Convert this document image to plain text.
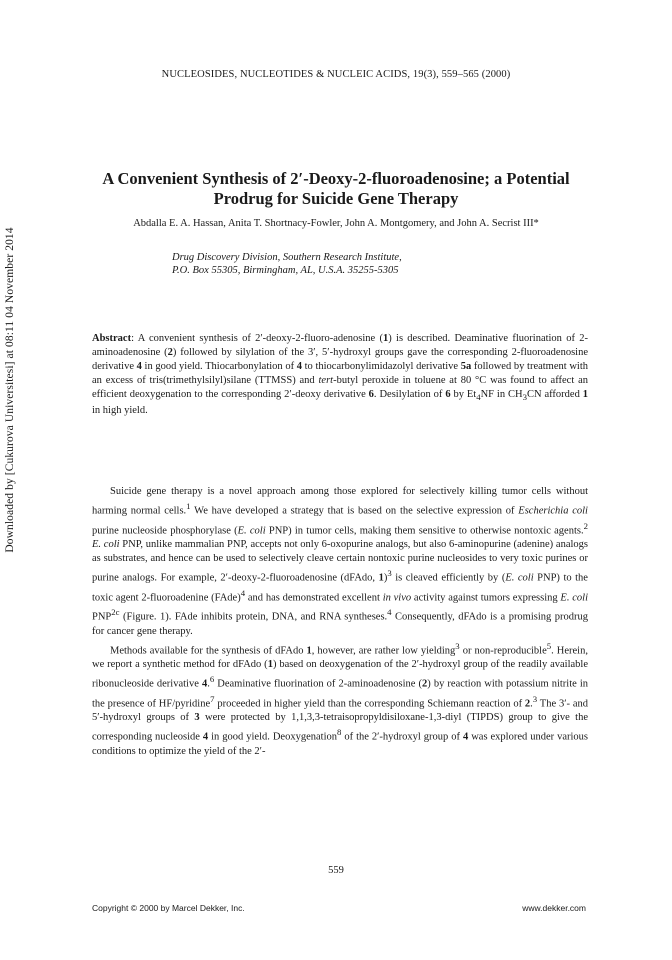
NUCLEOSIDES, NUCLEOTIDES & NUCLEIC ACIDS, 19(3), 559–565 (2000)
Downloaded by [Cukurova Universitesi] at 08:11 04 November 2014
A Convenient Synthesis of 2′-Deoxy-2-fluoroadenosine; a Potential
Prodrug for Suicide Gene Therapy
Abdalla E. A. Hassan, Anita T. Shortnacy-Fowler, John A. Montgomery, and John A. Secrist III*
Drug Discovery Division, Southern Research Institute,
P.O. Box 55305, Birmingham, AL, U.S.A. 35255-5305
Abstract: A convenient synthesis of 2′-deoxy-2-fluoro-adenosine (1) is described. Deaminative fluorination of 2-aminoadenosine (2) followed by silylation of the 3′, 5′-hydroxyl groups gave the corresponding 2-fluoroadenosine derivative 4 in good yield. Thiocarbonylation of 4 to thiocarbonylimidazolyl derivative 5a followed by treatment with an excess of tris(trimethylsilyl)silane (TTMSS) and tert-butyl peroxide in toluene at 80 °C was found to affect an efficient deoxygenation to the corresponding 2′-deoxy derivative 6. Desilylation of 6 by $Et_4NF$ in $CH_3CN$ afforded 1 in high yield.

Suicide gene therapy is a novel approach among those explored for selectively killing tumor cells without harming normal cells.$^1$ We have developed a strategy that is based on the selective expression of Escherichia coli purine nucleoside phosphorylase (E. coli PNP) in tumor cells, making them sensitive to otherwise nontoxic agents.$^2$ E. coli PNP, unlike mammalian PNP, accepts not only 6-oxopurine analogs, but also 6-aminopurine (adenine) analogs as substrates, and hence can be used to selectively cleave certain nontoxic purine nucleosides to very toxic purines or purine analogs. For example, 2′-deoxy-2-fluoroadenosine (dFAdo, 1)$^3$ is cleaved efficiently by (E. coli PNP) to the toxic agent 2-fluoroadenine (FAde)$^4$ and has demonstrated excellent in vivo activity against tumors expressing E. coli $PNP^{2c}$ (Figure. 1). FAde inhibits protein, DNA, and RNA syntheses.$^4$ Consequently, dFAdo is a promising prodrug for cancer gene therapy.

Methods available for the synthesis of dFAdo 1, however, are rather low yielding$^3$ or non-reproducible$^5$. Herein, we report a synthetic method for dFAdo (1) based on deoxygenation of the 2′-hydroxyl group of the readily available ribonucleoside derivative 4.$^6$ Deaminative fluorination of 2-aminoadenosine (2) by reaction with potassium nitrite in the presence of HF/pyridine$^7$ proceeded in higher yield than the corresponding Schiemann reaction of 2.$^3$ The 3′- and 5′-hydroxyl groups of 3 were protected by 1,1,3,3-tetraisopropyldisiloxane-1,3-diyl (TIPDS) group to give the corresponding nucleoside 4 in good yield. Deoxygenation$^8$ of the 2′-hydroxyl group of 4 was explored under various conditions to optimize the yield of the 2′-

559
Copyright © 2000 by Marcel Dekker, Inc.	www.dekker.com
